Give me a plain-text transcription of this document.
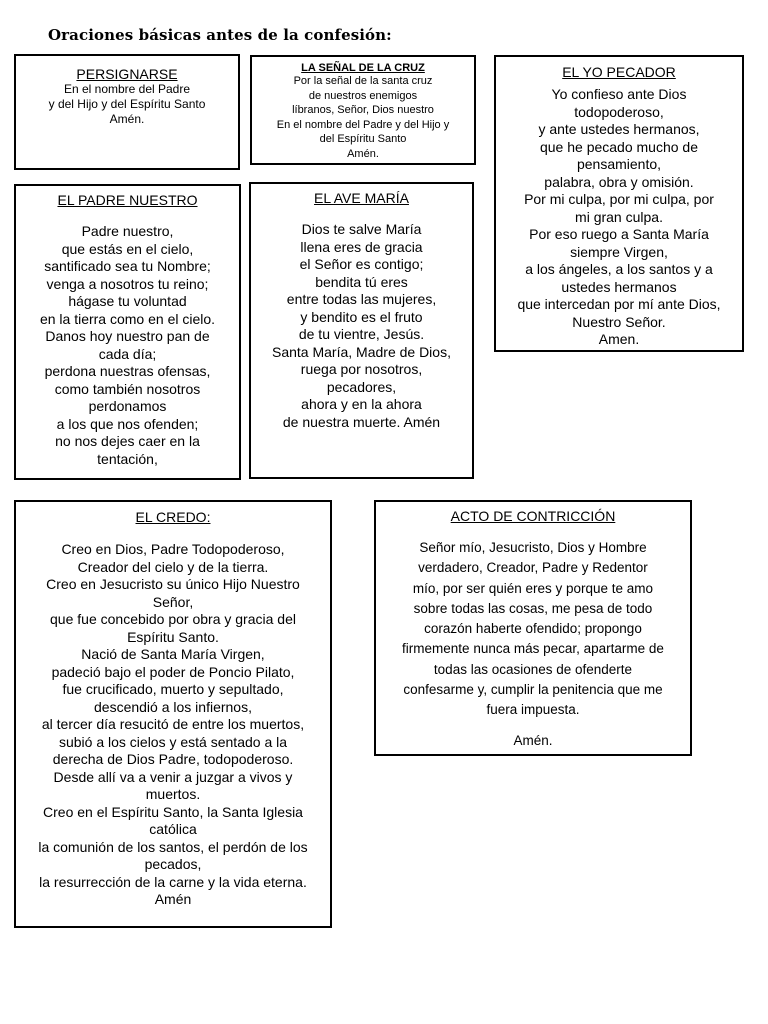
Oraciones básicas antes de la confesión:
PERSIGNARSE
En el nombre del Padre
y del Hijo y del Espíritu Santo
Amén.
LA SEÑAL DE LA CRUZ
Por la señal de la santa cruz
de nuestros enemigos
líbranos, Señor, Dios nuestro
En el nombre del Padre y del Hijo y
del Espíritu Santo
Amén.
EL YO PECADOR
Yo confieso ante Dios
todopoderoso,
y ante ustedes hermanos,
que he pecado mucho de
pensamiento,
palabra, obra y omisión.
Por mi culpa, por mi culpa, por
mi gran culpa.
Por eso ruego a Santa María
siempre Virgen,
a los ángeles, a los santos y a
ustedes hermanos
que intercedan por mí ante Dios,
Nuestro Señor.
Amen.
EL PADRE NUESTRO
Padre nuestro,
que estás en el cielo,
santificado sea tu Nombre;
venga a nosotros tu reino;
hágase tu voluntad
en la tierra como en el cielo.
Danos hoy nuestro pan de
cada día;
perdona nuestras ofensas,
como también nosotros
perdonamos
a los que nos ofenden;
no nos dejes caer en la
tentación,
EL AVE MARÍA
Dios te salve María
llena eres de gracia
el Señor es contigo;
bendita tú eres
entre todas las mujeres,
y bendito es el fruto
de tu vientre, Jesús.
Santa María, Madre de Dios,
ruega por nosotros,
pecadores,
ahora y en la ahora
de nuestra muerte. Amén
EL CREDO:
Creo en Dios, Padre Todopoderoso,
Creador del cielo y de la tierra.
Creo en Jesucristo su único Hijo Nuestro
Señor,
que fue concebido por obra y gracia del
Espíritu Santo.
Nació de Santa María Virgen,
padeció bajo el poder de Poncio Pilato,
fue crucificado, muerto y sepultado,
descendió a los infiernos,
al tercer día resucitó de entre los muertos,
subió a los cielos y está sentado a la
derecha de Dios Padre, todopoderoso.
Desde allí va a venir a juzgar a vivos y
muertos.
Creo en el Espíritu Santo, la Santa Iglesia
católica
la comunión de los santos, el perdón de los
pecados,
la resurrección de la carne y la vida eterna.
Amén
ACTO DE CONTRICCIÓN
Señor mío, Jesucristo, Dios y Hombre
verdadero, Creador, Padre y Redentor
mío, por ser quién eres y porque te amo
sobre todas las cosas, me pesa de todo
corazón haberte ofendido; propongo
firmemente nunca más pecar, apartarme de
todas las ocasiones de ofenderte
confesarme y, cumplir la penitencia que me
fuera impuesta.
Amén.
